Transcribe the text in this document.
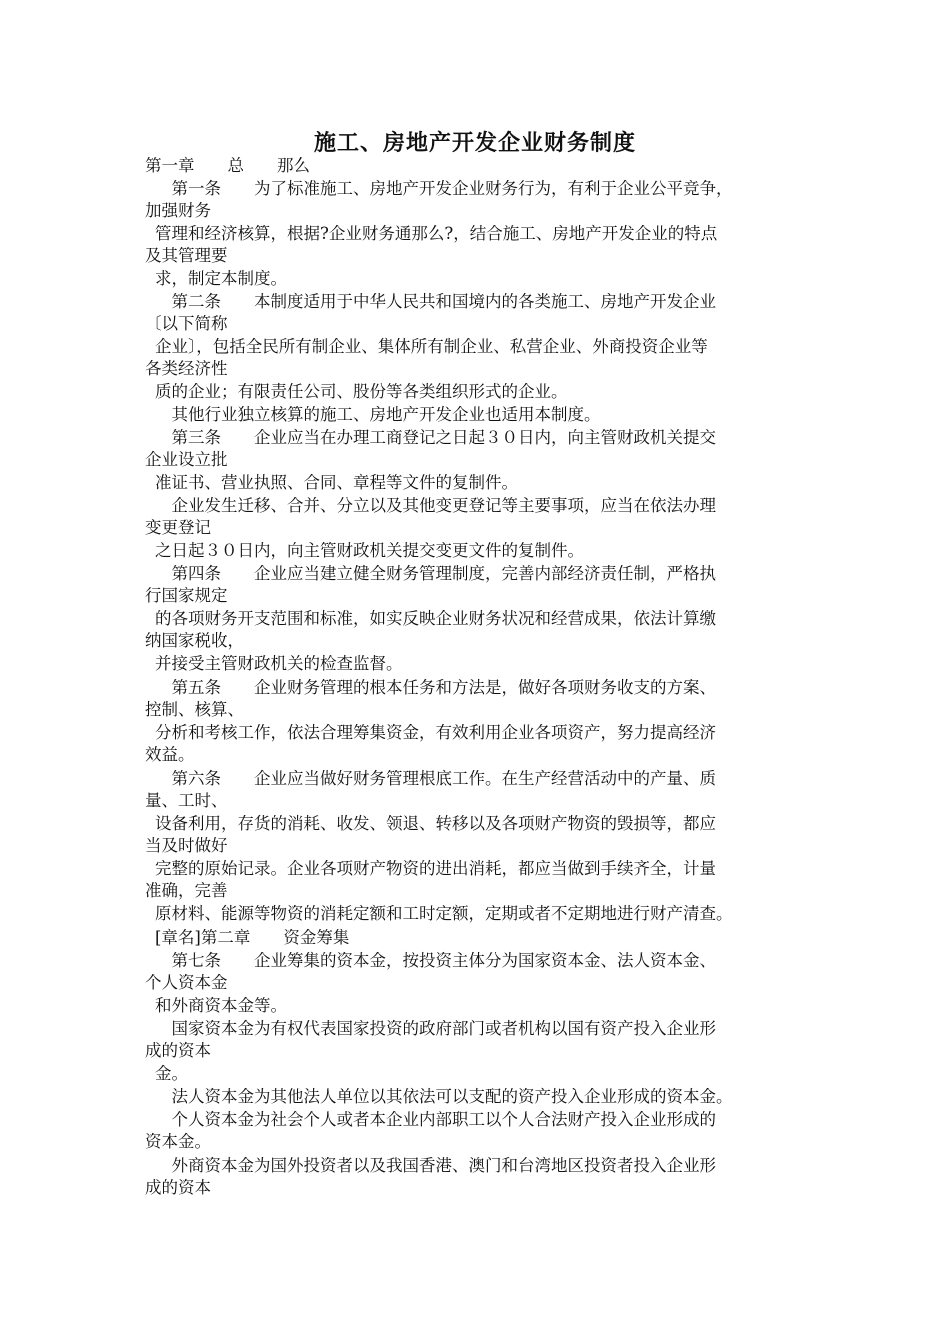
施工、房地产开发企业财务制度
第一章　　总　　那么
　第一条　　为了标准施工、房地产开发企业财务行为，有利于企业公平竞争，
加强财务
管理和经济核算，根据?企业财务通那么?，结合施工、房地产开发企业的特点
及其管理要
求，制定本制度。
　第二条　　本制度适用于中华人民共和国境内的各类施工、房地产开发企业
〔以下简称
企业〕，包括全民所有制企业、集体所有制企业、私营企业、外商投资企业等
各类经济性
质的企业；有限责任公司、股份等各类组织形式的企业。
　其他行业独立核算的施工、房地产开发企业也适用本制度。
　第三条　　企业应当在办理工商登记之日起３０日内，向主管财政机关提交
企业设立批
准证书、营业执照、合同、章程等文件的复制件。
　企业发生迁移、合并、分立以及其他变更登记等主要事项，应当在依法办理
变更登记
之日起３０日内，向主管财政机关提交变更文件的复制件。
　第四条　　企业应当建立健全财务管理制度，完善内部经济责任制，严格执
行国家规定
的各项财务开支范围和标准，如实反映企业财务状况和经营成果，依法计算缴
纳国家税收，
并接受主管财政机关的检查监督。
　第五条　　企业财务管理的根本任务和方法是，做好各项财务收支的方案、
控制、核算、
分析和考核工作，依法合理筹集资金，有效利用企业各项资产，努力提高经济
效益。
　第六条　　企业应当做好财务管理根底工作。在生产经营活动中的产量、质
量、工时、
设备利用，存货的消耗、收发、领退、转移以及各项财产物资的毁损等，都应
当及时做好
完整的原始记录。企业各项财产物资的进出消耗，都应当做到手续齐全，计量
准确，完善
原材料、能源等物资的消耗定额和工时定额，定期或者不定期地进行财产清查。
[章名]第二章　　资金筹集
　第七条　　企业筹集的资本金，按投资主体分为国家资本金、法人资本金、
个人资本金
和外商资本金等。
　国家资本金为有权代表国家投资的政府部门或者机构以国有资产投入企业形
成的资本
金。
　法人资本金为其他法人单位以其依法可以支配的资产投入企业形成的资本金。
　个人资本金为社会个人或者本企业内部职工以个人合法财产投入企业形成的
资本金。
　外商资本金为国外投资者以及我国香港、澳门和台湾地区投资者投入企业形
成的资本
